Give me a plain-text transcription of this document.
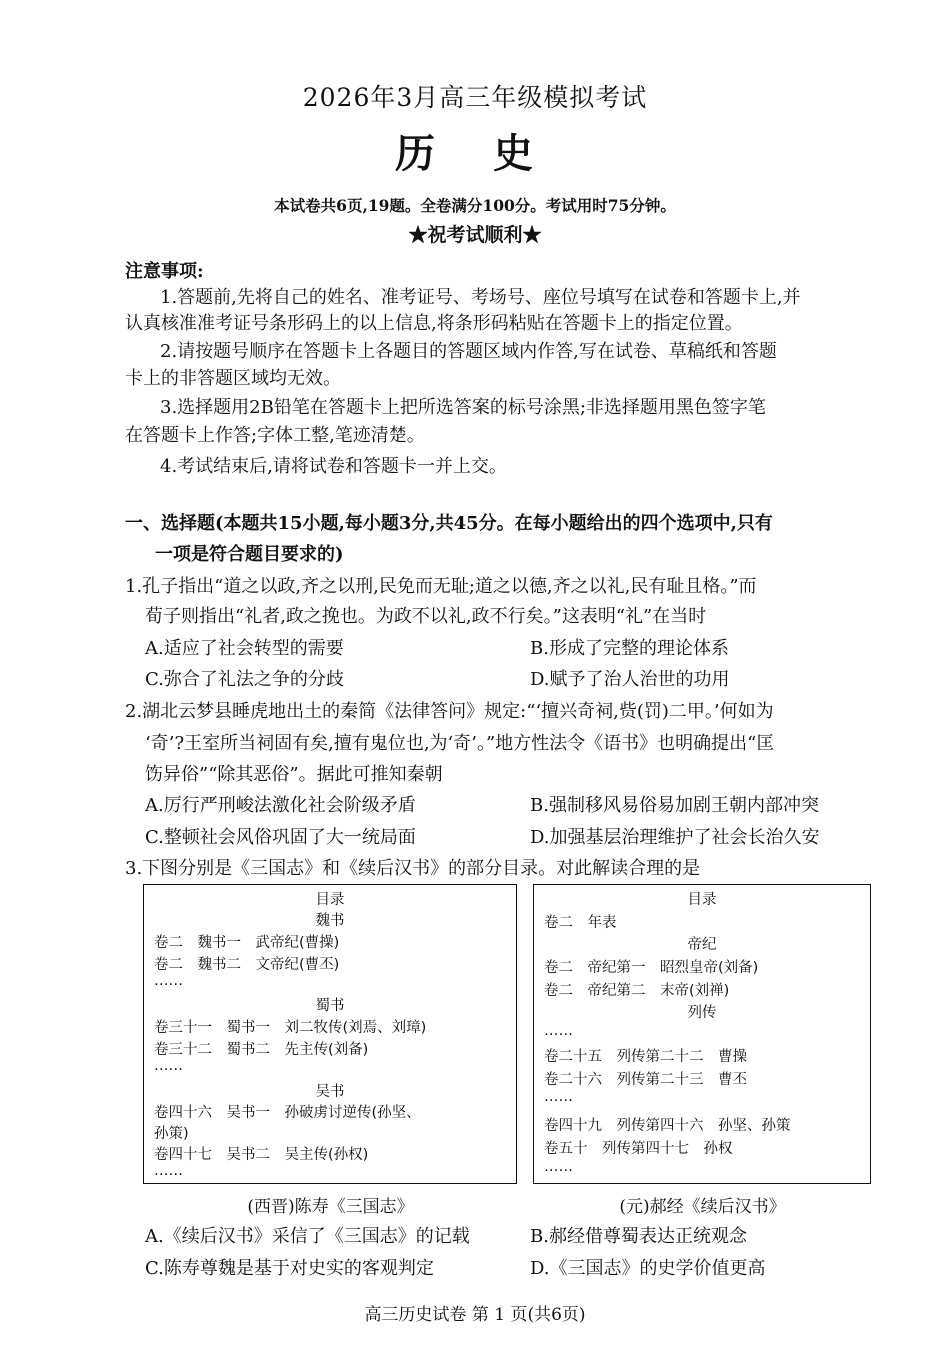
2026年3月高三年级模拟考试
历 史
本试卷共6页,19题。全卷满分100分。考试用时75分钟。
★祝考试顺利★
注意事项:
1.答题前,先将自己的姓名、准考证号、考场号、座位号填写在试卷和答题卡上,并
认真核准准考证号条形码上的以上信息,将条形码粘贴在答题卡上的指定位置。
2.请按题号顺序在答题卡上各题目的答题区域内作答,写在试卷、草稿纸和答题
卡上的非答题区域均无效。
3.选择题用2B铅笔在答题卡上把所选答案的标号涂黑;非选择题用黑色签字笔
在答题卡上作答;字体工整,笔迹清楚。
4.考试结束后,请将试卷和答题卡一并上交。
一、选择题(本题共15小题,每小题3分,共45分。在每小题给出的四个选项中,只有
一项是符合题目要求的)
1.孔子指出“道之以政,齐之以刑,民免而无耻;道之以德,齐之以礼,民有耻且格。”而
荀子则指出“礼者,政之挽也。为政不以礼,政不行矣。”这表明“礼”在当时
A.适应了社会转型的需要	B.形成了完整的理论体系
C.弥合了礼法之争的分歧	D.赋予了治人治世的功用
2.湖北云梦县睡虎地出土的秦简《法律答问》规定:“‘擅兴奇祠,赀(罚)二甲。’何如为
‘奇’?王室所当祠固有矣,擅有鬼位也,为‘奇’。”地方性法令《语书》也明确提出“匡
饬异俗”“除其恶俗”。据此可推知秦朝
A.厉行严刑峻法激化社会阶级矛盾	B.强制移风易俗易加剧王朝内部冲突
C.整顿社会风俗巩固了大一统局面	D.加强基层治理维护了社会长治久安
3.下图分别是《三国志》和《续后汉书》的部分目录。对此解读合理的是
目录
魏书
卷二　魏书一　武帝纪(曹操)
卷二　魏书二　文帝纪(曹丕)
……
蜀书
卷三十一　蜀书一　刘二牧传(刘焉、刘璋)
卷三十二　蜀书二　先主传(刘备)
……
吴书
卷四十六　吴书一　孙破虏讨逆传(孙坚、
孙策)
卷四十七　吴书二　吴主传(孙权)
……
目录
卷二　年表
帝纪
卷二　帝纪第一　昭烈皇帝(刘备)
卷二　帝纪第二　末帝(刘禅)
列传
……
卷二十五　列传第二十二　曹操
卷二十六　列传第二十三　曹丕
……
卷四十九　列传第四十六　孙坚、孙策
卷五十　列传第四十七　孙权
……
(西晋)陈寿《三国志》	(元)郝经《续后汉书》
A.《续后汉书》采信了《三国志》的记载	B.郝经借尊蜀表达正统观念
C.陈寿尊魏是基于对史实的客观判定	D.《三国志》的史学价值更高
高三历史试卷 第 1 页(共6页)
